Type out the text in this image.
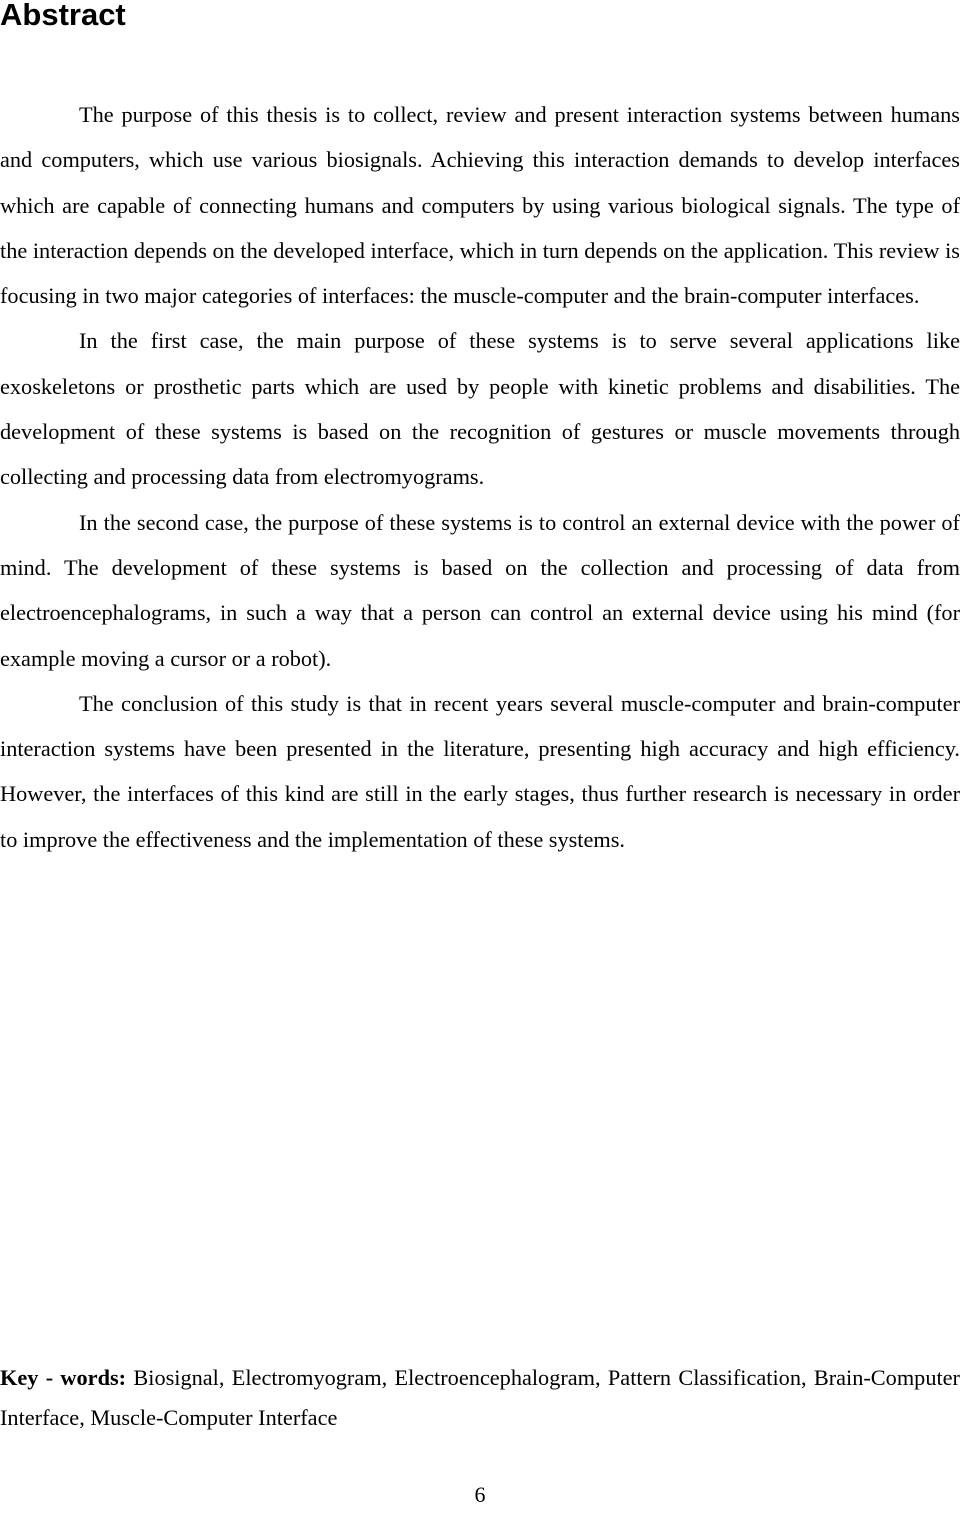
Abstract

The purpose of this thesis is to collect, review and present interaction systems between humans and computers, which use various biosignals. Achieving this interaction demands to develop interfaces which are capable of connecting humans and computers by using various biological signals. The type of the interaction depends on the developed interface, which in turn depends on the application. This review is focusing in two major categories of interfaces: the muscle-computer and the brain-computer interfaces.

In the first case, the main purpose of these systems is to serve several applications like exoskeletons or prosthetic parts which are used by people with kinetic problems and disabilities. The development of these systems is based on the recognition of gestures or muscle movements through collecting and processing data from electromyograms.

In the second case, the purpose of these systems is to control an external device with the power of mind. The development of these systems is based on the collection and processing of data from electroencephalograms, in such a way that a person can control an external device using his mind (for example moving a cursor or a robot).

The conclusion of this study is that in recent years several muscle-computer and brain-computer interaction systems have been presented in the literature, presenting high accuracy and high efficiency. However, the interfaces of this kind are still in the early stages, thus further research is necessary in order to improve the effectiveness and the implementation of these systems.

Key - words: Biosignal, Electromyogram, Electroencephalogram, Pattern Classification, Brain-Computer Interface, Muscle-Computer Interface

6
